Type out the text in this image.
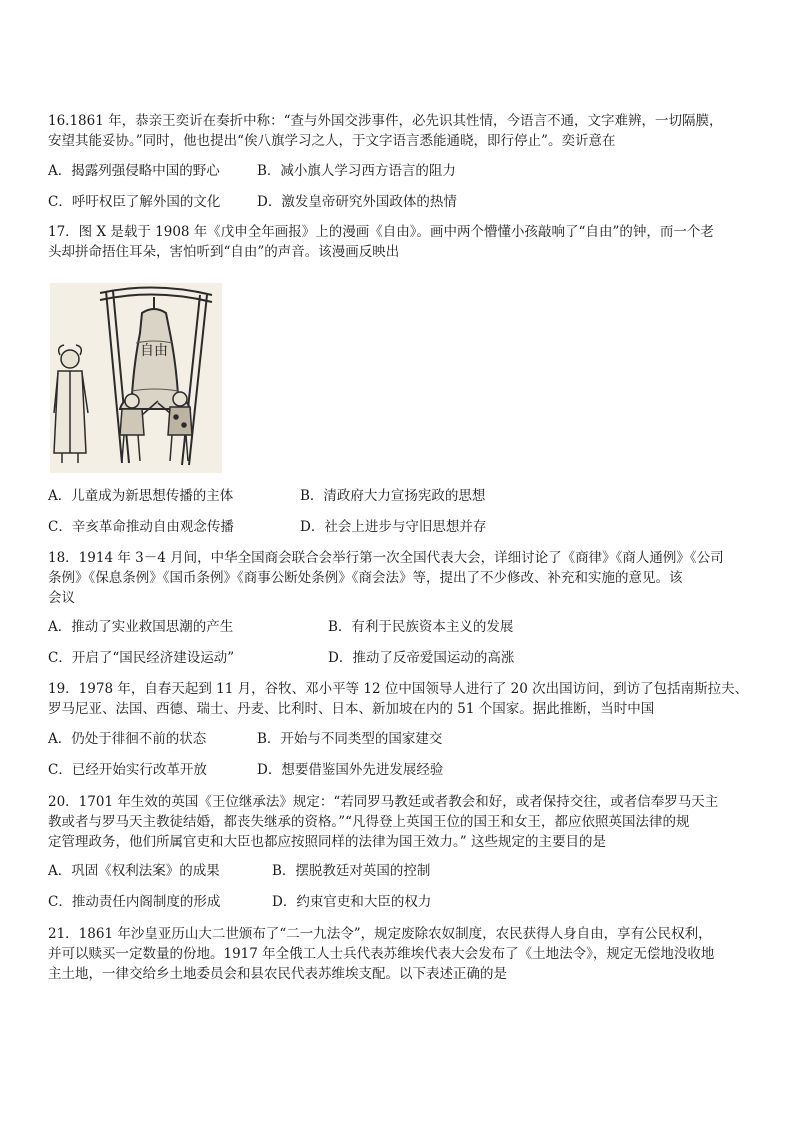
16.1861 年，恭亲王奕䜣在奏折中称：“查与外国交涉事件，必先识其性情，今语言不通，文字难辨，一切隔膜，
安望其能妥协。”同时，他也提出“俟八旗学习之人，于文字语言悉能通晓，即行停止”。奕䜣意在
A．揭露列强侵略中国的野心	B．减小旗人学习西方语言的阻力
C．呼吁权臣了解外国的文化	D．激发皇帝研究外国政体的热情
17．图 X 是载于 1908 年《戊申全年画报》上的漫画《自由》。画中两个懵懂小孩敲响了“自由”的钟，而一个老
头却拼命捂住耳朵，害怕听到“自由”的声音。该漫画反映出
自由
A．儿童成为新思想传播的主体	B．清政府大力宣扬宪政的思想
C．辛亥革命推动自由观念传播	D．社会上进步与守旧思想并存
18．1914 年 3－4 月间，中华全国商会联合会举行第一次全国代表大会，详细讨论了《商律》《商人通例》《公司
条例》《保息条例》《国币条例》《商事公断处条例》《商会法》等，提出了不少修改、补充和实施的意见。该
会议
A．推动了实业救国思潮的产生	B．有利于民族资本主义的发展
C．开启了“国民经济建设运动”	D．推动了反帝爱国运动的高涨
19．1978 年，自春天起到 11 月，谷牧、邓小平等 12 位中国领导人进行了 20 次出国访问，到访了包括南斯拉夫、
罗马尼亚、法国、西德、瑞士、丹麦、比利时、日本、新加坡在内的 51 个国家。据此推断，当时中国
A．仍处于徘徊不前的状态	B．开始与不同类型的国家建交
C．已经开始实行改革开放	D．想要借鉴国外先进发展经验
20．1701 年生效的英国《王位继承法》规定：“若同罗马教廷或者教会和好，或者保持交往，或者信奉罗马天主
教或者与罗马天主教徒结婚，都丧失继承的资格。”“凡得登上英国王位的国王和女王，都应依照英国法律的规
定管理政务，他们所属官吏和大臣也都应按照同样的法律为国王效力。” 这些规定的主要目的是
A．巩固《权利法案》的成果	B．摆脱教廷对英国的控制
C．推动责任内阁制度的形成	D．约束官吏和大臣的权力
21．1861 年沙皇亚历山大二世颁布了“二一九法令”，规定废除农奴制度，农民获得人身自由，享有公民权利，
并可以赎买一定数量的份地。1917 年全俄工人士兵代表苏维埃代表大会发布了《土地法令》，规定无偿地没收地
主土地，一律交给乡土地委员会和县农民代表苏维埃支配。以下表述正确的是
